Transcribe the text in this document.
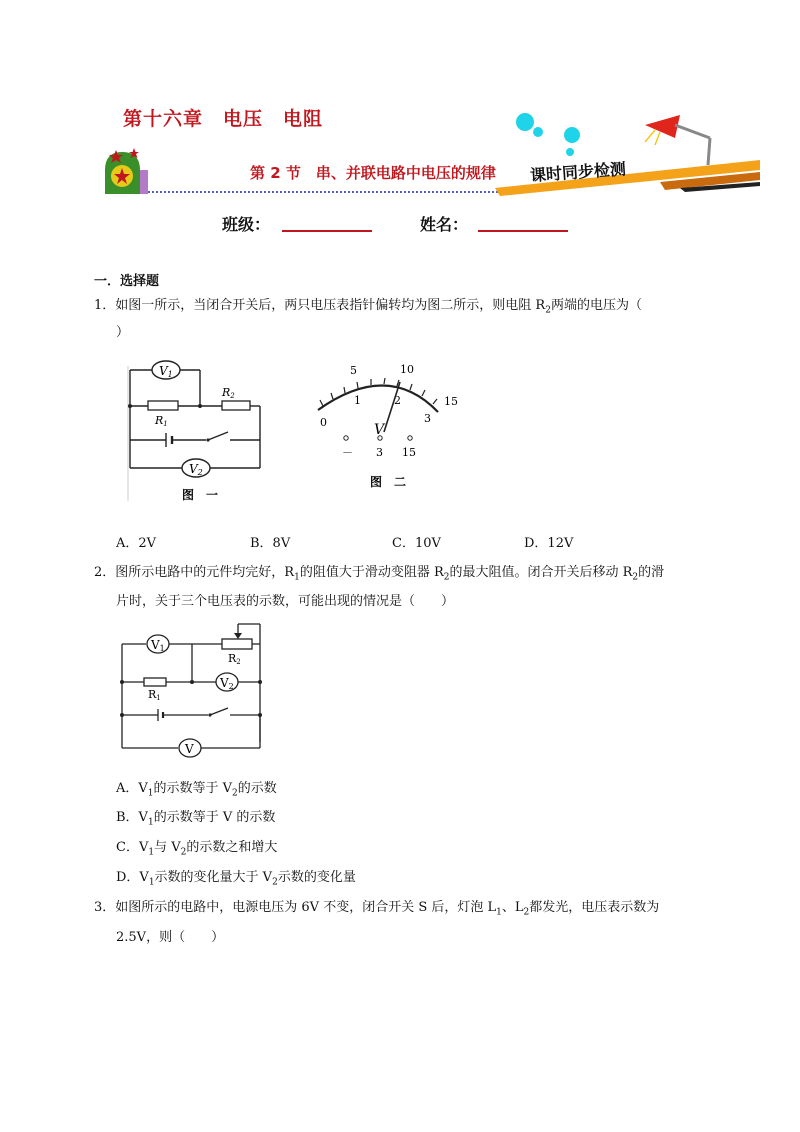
第十六章　电压　电阻
第 2 节　串、并联电路中电压的规律 课时同步检测
班级：	姓名：
一．选择题
1．如图一所示，当闭合开关后，两只电压表指针偏转均为图二所示，则电阻 $R_2$两端的电压为（
）
V1
R1
R2
V2
图　一
5	10
15
0
1	2
3
V
－ 3 15
图　二
A．2V	B．8V	C．10V	D．12V
2．图所示电路中的元件均完好，$R_1$的阻值大于滑动变阻器 $R_2$的最大阻值。闭合开关后移动 $R_2$的滑
片时，关于三个电压表的示数，可能出现的情况是（　　）
V1
R2
R1
V2
V
A．$V_1$的示数等于 $V_2$的示数
B．$V_1$的示数等于 V 的示数
C．$V_1$与 $V_2$的示数之和增大
D．$V_1$示数的变化量大于 $V_2$示数的变化量
3．如图所示的电路中，电源电压为 6V 不变，闭合开关 S 后，灯泡 $L_1$、$L_2$都发光，电压表示数为
2.5V，则（　　）
